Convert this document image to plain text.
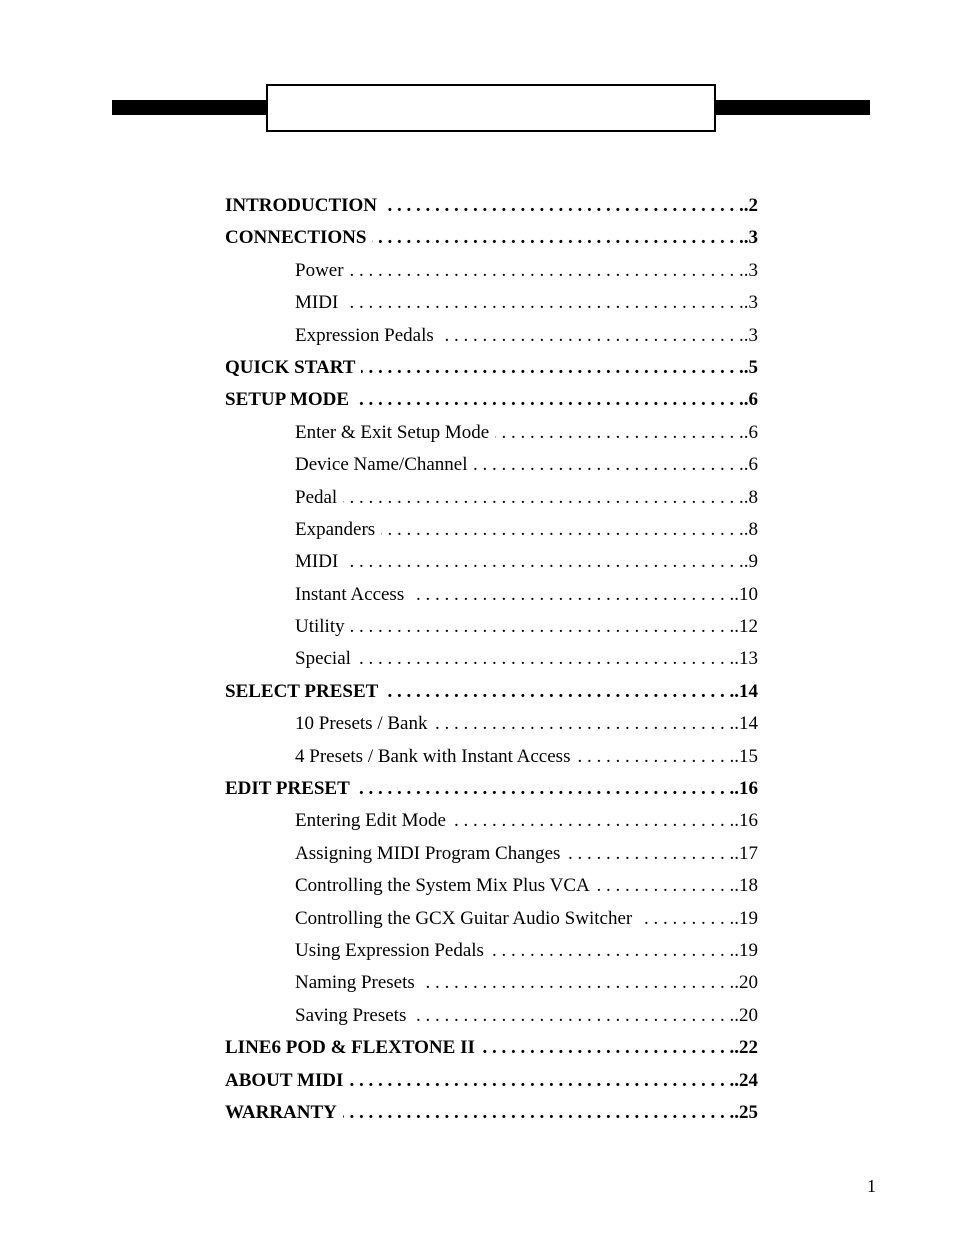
INTRODUCTION . . .	.2
CONNECTIONS . . .	.3
Power . . .	.3
MIDI . . .	.3
Expression Pedals . . .	.3
QUICK START . . .	.5
SETUP MODE . . .	.6
Enter & Exit Setup Mode . . .	.6
Device Name/Channel . . .	.6
Pedal . . .	.8
Expanders . . .	.8
MIDI . . .	.9
Instant Access . . .	.10
Utility . . .	.12
Special . . .	.13
SELECT PRESET . . .	.14
10 Presets / Bank . . .	.14
4 Presets / Bank with Instant Access . . .	.15
EDIT PRESET . . .	.16
Entering Edit Mode . . .	.16
Assigning MIDI Program Changes . . .	.17
Controlling the System Mix Plus VCA . . .	.18
Controlling the GCX Guitar Audio Switcher . . .	.19
Using Expression Pedals . . .	.19
Naming Presets . . .	.20
Saving Presets . . .	.20
LINE6 POD & FLEXTONE II . . .	.22
ABOUT MIDI . . .	.24
WARRANTY . . .	.25
1
